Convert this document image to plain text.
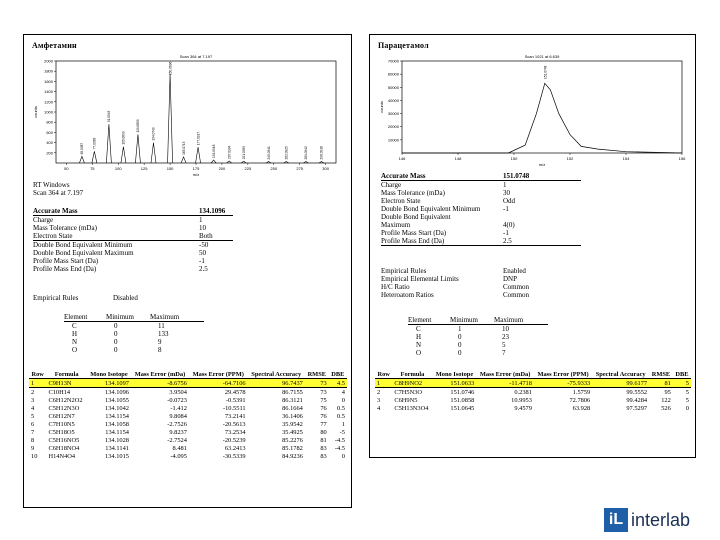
Амфетамин
Scan 364 at 7.197
50	75	100	125	150	175	200	225	250	275	300
200
400
600
800
1000
1200
1400
1600
1800
2000
m/z
counts
65.0387	77.0383
91.0543
105.0699
119.0859
134.0749
150.0696
163.0713
177.0917
192.0918	207.0934	221.0959	245.0941	262.0925	281.0942	296.0918
RT Windows
Scan 364 at 7.197
Accurate Mass	134.1096
Charge	1
Mass Tolerance (mDa)	10
Electron State	Both
Double Bond Equivalent Minimum	-50
Double Bond Equivalent Maximum	50
Profile Mass Start (Da)	-1
Profile Mass End (Da)	2.5
Empirical Rules	Disabled
Element	Minimum Maximum
C	0	11
H	0	133
N	0	9
O	0	8
Row	Formula	Mono Isotope	Mass Error (mDa)	Mass Error (PPM)	Spectral Accuracy	RMSE	DBE
1	C9H13N	134.1097	-8.6756	-64.7106	96.7437	73	4.5
2	C10H14	134.1096	3.9504	29.4578	86.7155	73	4
3	C6H12N2O2	134.1055	-0.0723	-0.5391	86.3121	75	0
4	C5H12N3O	134.1042	-1.412	-10.5511	86.1664	76	0.5
5	C6H12N7	134.1154	9.8084	73.2141	36.1406	76	0.5
6	C7H10N5	134.1058	-2.7526	-20.5613	35.9542	77	1
7	C5H18O5	134.1154	9.8237	73.2534	35.4925	80	-5
8	C5H16NO5	134.1028	-2.7524	-20.5239	85.2276	81	-4.5
9	C6H18NO4	134.1141	8.481	63.2413	85.1782	83	-4.5
10	H14N4O4	134.1015	-4.095	-30.5339	84.9236	83	0
Парацетамол
Scan 1021 at 6.639
146	148	150	152	154	156
10000
20000
30000
40000
50000
60000
70000
m/z
counts
151.0748
Accurate Mass	151.0748
Charge	1
Mass Tolerance (mDa)	30
Electron State	Odd
Double Bond Equivalent Minimum	-1
Double Bond Equivalent
Maximum	4(0)
Profile Mass Start (Da)	-1
Profile Mass End (Da)	2.5
Empirical Rules	Enabled
Empirical Elemental Limits	DNP
H/C Ratio	Common
Heteroatom Ratios	Common
Element	Minimum Maximum
C	1	10
H	0	23
N	0	5
O	0	7
Row	Formula	Mono Isotope	Mass Error (mDa)	Mass Error (PPM)	Spectral Accuracy	RMSE	DBE
1	C8H9NO2	151.0633	-11.4718	-75.9333	99.6177	81	5
2	C7H5N3O	151.0746	0.2381	1.5759	99.5552	95	5
3	C6H9N5	151.0858	10.9953	72.7806	99.4284	122	5
4	C5H13N3O4	151.0645	9.4579	63.928	97.5297	526	0
iL interlab
